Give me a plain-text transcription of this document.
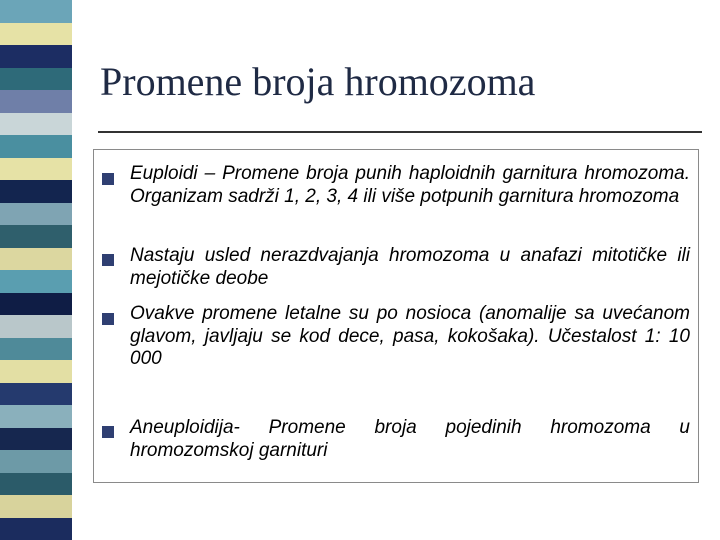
Promene broja hromozoma
Euploidi – Promene broja punih haploidnih garnitura hromozoma. Organizam sadrži 1, 2, 3, 4 ili više potpunih garnitura hromozoma
Nastaju usled nerazdvajanja hromozoma u anafazi mitotičke ili mejotičke deobe
Ovakve promene letalne su po nosioca (anomalije sa uvećanom glavom, javljaju se kod dece, pasa, kokošaka). Učestalost 1: 10 000
Aneuploidija- Promene broja pojedinih hromozoma u hromozomskoj garnituri
